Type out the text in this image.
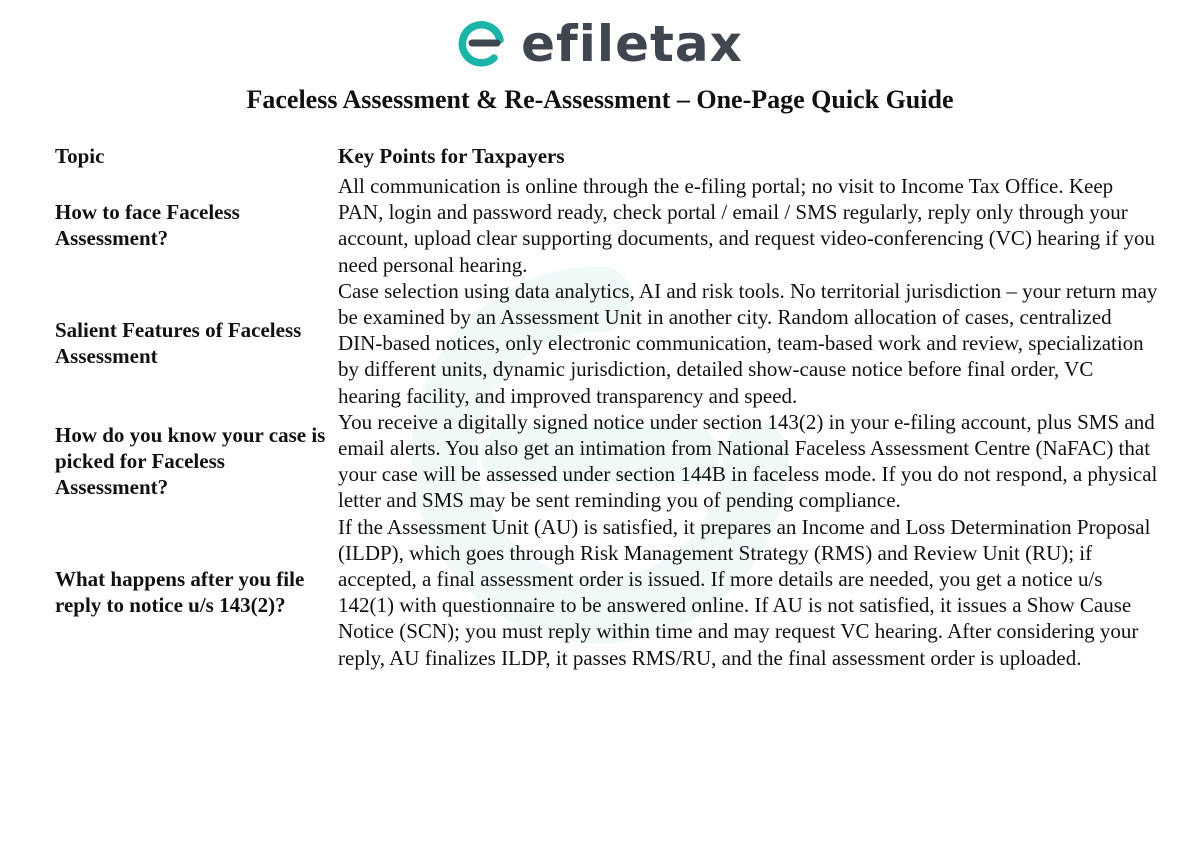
efiletax
Faceless Assessment & Re-Assessment – One-Page Quick Guide
Topic	Key Points for Taxpayers
How to face Faceless Assessment?	All communication is online through the e-filing portal; no visit to Income Tax Office. Keep PAN, login and password ready, check portal / email / SMS regularly, reply only through your account, upload clear supporting documents, and request video-conferencing (VC) hearing if you need personal hearing.
Salient Features of Faceless Assessment	Case selection using data analytics, AI and risk tools. No territorial jurisdiction – your return may be examined by an Assessment Unit in another city. Random allocation of cases, centralized DIN-based notices, only electronic communication, team-based work and review, specialization by different units, dynamic jurisdiction, detailed show-cause notice before final order, VC hearing facility, and improved transparency and speed.
How do you know your case is picked for Faceless Assessment?	You receive a digitally signed notice under section 143(2) in your e-filing account, plus SMS and email alerts. You also get an intimation from National Faceless Assessment Centre (NaFAC) that your case will be assessed under section 144B in faceless mode. If you do not respond, a physical letter and SMS may be sent reminding you of pending compliance.
What happens after you file reply to notice u/s 143(2)?	If the Assessment Unit (AU) is satisfied, it prepares an Income and Loss Determination Proposal (ILDP), which goes through Risk Management Strategy (RMS) and Review Unit (RU); if accepted, a final assessment order is issued. If more details are needed, you get a notice u/s 142(1) with questionnaire to be answered online. If AU is not satisfied, it issues a Show Cause Notice (SCN); you must reply within time and may request VC hearing. After considering your reply, AU finalizes ILDP, it passes RMS/RU, and the final assessment order is uploaded.
